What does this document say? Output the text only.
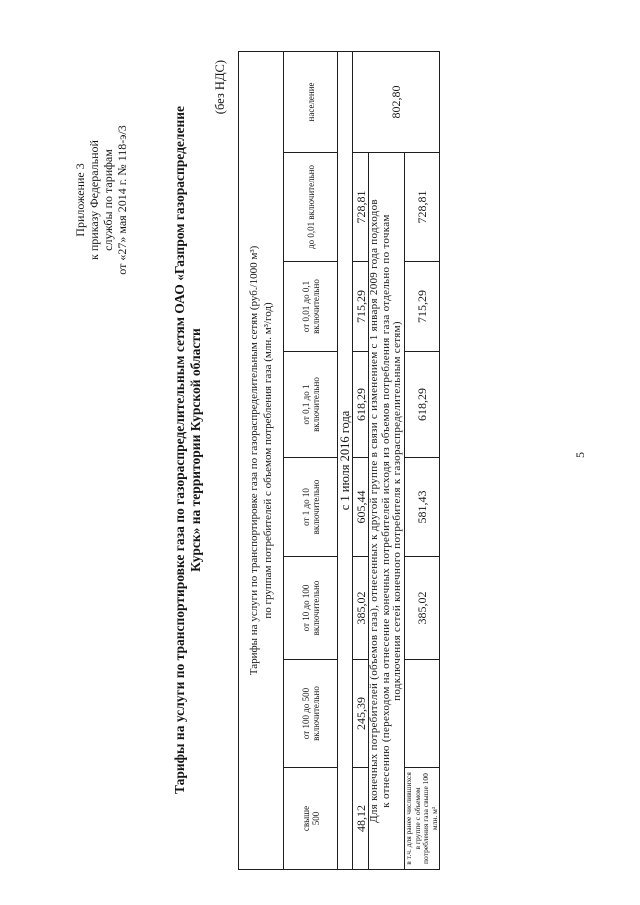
Приложение 3 к приказу Федеральной службы по тарифам от «27» мая 2014 г. № 118-э/3	Тарифы на услуги по транспортировке газа по газораспределительным сетям ОАО «Газпром газораспределение Курск» на территории Курской области
(без НДС)
Тарифы на услуги по транспортировке газа по газораспределительным сетям (руб./1000 м³) по группам потребителей с объемом потребления газа (млн. м³/год)							

свыше 500	от 100 до 500 включительно	от 10 до 100 включительно	от 1 до 10 включительно	от 0,1 до 1 включительно	от 0,01 до 0,1 включительно	до 0,01 включительно	население
с 1 июля 2016 года							
48,12	245,39	385,02	605,44	618,29	715,29	728,81	802,80

Для конечных потребителей (объемов газа), отнесенных к другой группе в связи с изменением с 1 января 2009 года подходов к отнесению (переходом на отнесение конечных потребителей исходя из объемов потребления газа отдельно по точкам подключения сетей конечного потребителя к газораспределительным сетям)							

в т.ч. для ранее числившихся в группе с объемом потребления газа свыше 100 млн. м³		385,02	581,43	618,29	715,29	728,81	
5
